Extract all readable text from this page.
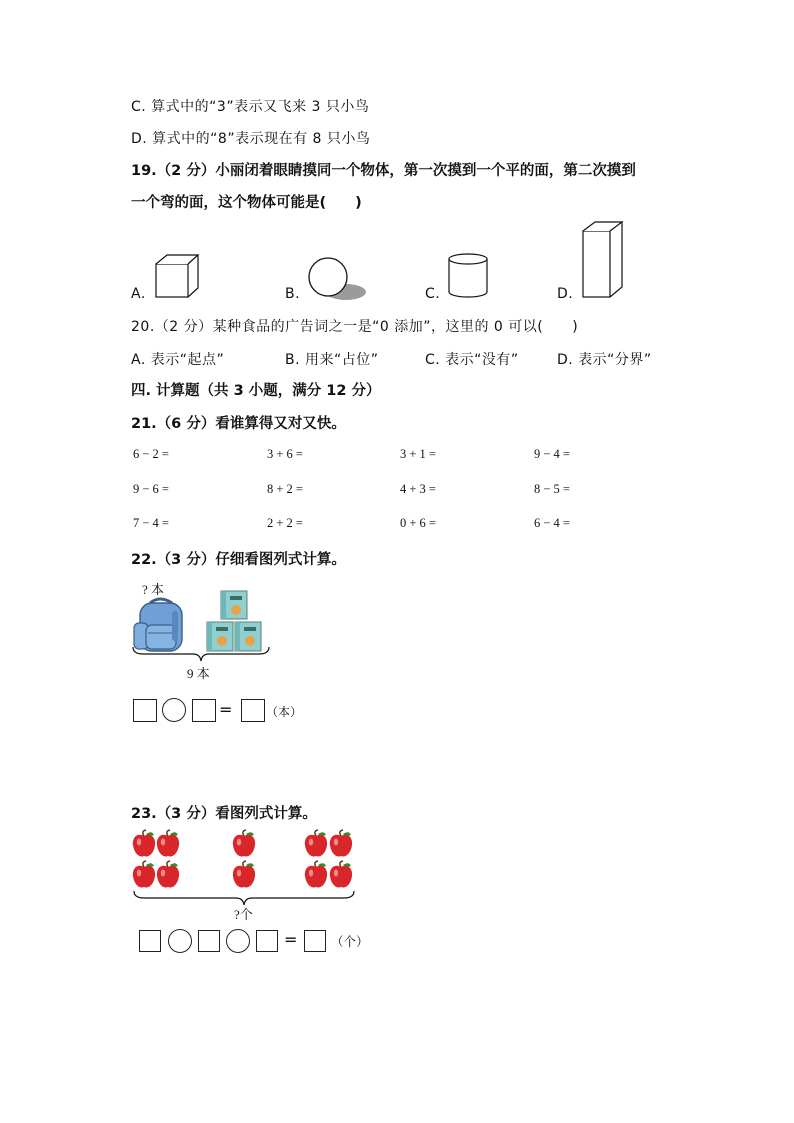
C. 算式中的“3”表示又飞来 3 只小鸟
D. 算式中的“8”表示现在有 8 只小鸟
19.（2 分）小丽闭着眼睛摸同一个物体，第一次摸到一个平的面，第二次摸到
一个弯的面，这个物体可能是(　　)
A.	B.	C.	D.
20.（2 分）某种食品的广告词之一是“0 添加”，这里的 0 可以(　　)
A. 表示“起点”	B. 用来“占位”	C. 表示“没有”	D. 表示“分界”
四. 计算题（共 3 小题，满分 12 分）
21.（6 分）看谁算得又对又快。
6 − 2 =	3 + 6 =	3 + 1 =	9 − 4 =
9 − 6 =	8 + 2 =	4 + 3 =	8 − 5 =
7 − 4 =	2 + 2 =	0 + 6 =	6 − 4 =
22.（3 分）仔细看图列式计算。
? 本
9 本
=	（本）
23.（3 分）看图列式计算。
?个
=	（个）
